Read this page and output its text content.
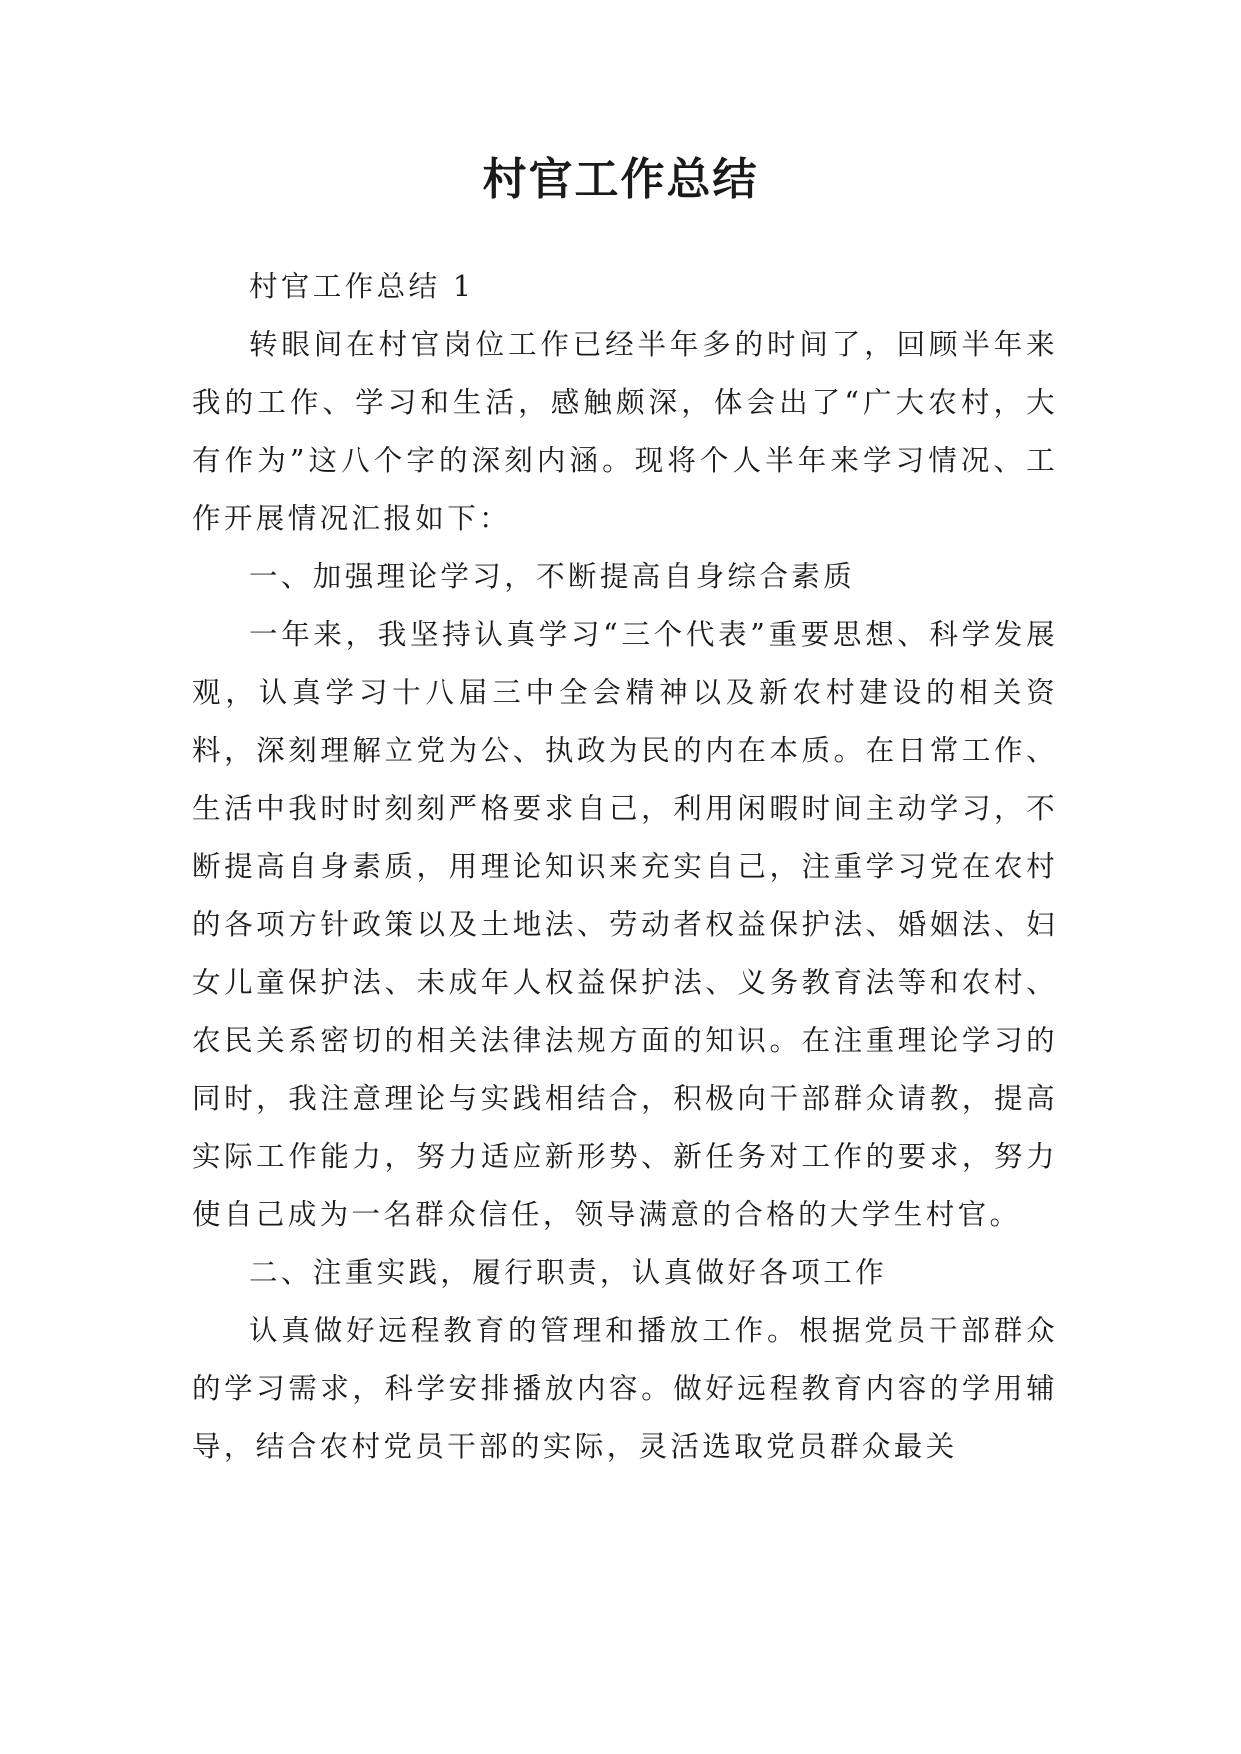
村官工作总结

村官工作总结 1

转眼间在村官岗位工作已经半年多的时间了，回顾半年来我的工作、学习和生活，感触颇深，体会出了“广大农村，大有作为”这八个字的深刻内涵。现将个人半年来学习情况、工作开展情况汇报如下：

一、加强理论学习，不断提高自身综合素质

一年来，我坚持认真学习“三个代表”重要思想、科学发展观，认真学习十八届三中全会精神以及新农村建设的相关资料，深刻理解立党为公、执政为民的内在本质。在日常工作、生活中我时时刻刻严格要求自己，利用闲暇时间主动学习，不断提高自身素质，用理论知识来充实自己，注重学习党在农村的各项方针政策以及土地法、劳动者权益保护法、婚姻法、妇女儿童保护法、未成年人权益保护法、义务教育法等和农村、农民关系密切的相关法律法规方面的知识。在注重理论学习的同时，我注意理论与实践相结合，积极向干部群众请教，提高实际工作能力，努力适应新形势、新任务对工作的要求，努力使自己成为一名群众信任，领导满意的合格的大学生村官。

二、注重实践，履行职责，认真做好各项工作

认真做好远程教育的管理和播放工作。根据党员干部群众的学习需求，科学安排播放内容。做好远程教育内容的学用辅导，结合农村党员干部的实际，灵活选取党员群众最关
